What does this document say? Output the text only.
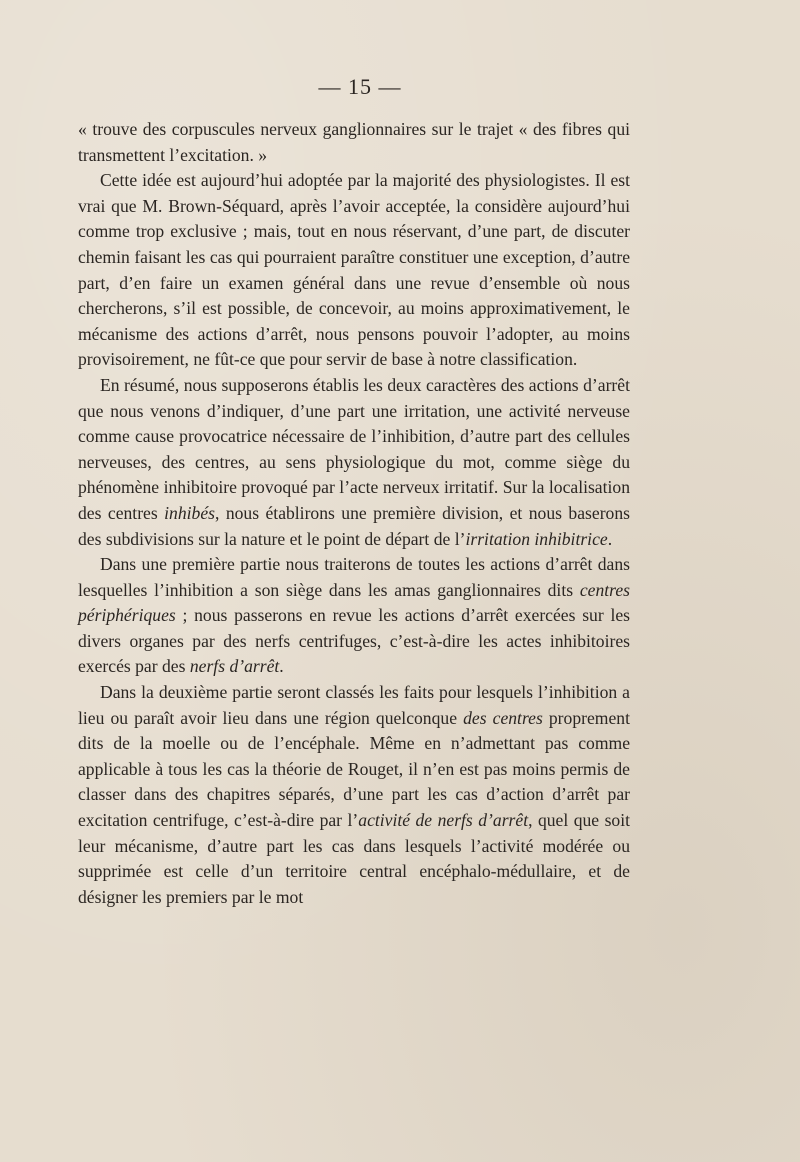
— 15 —

« trouve des corpuscules nerveux ganglionnaires sur le trajet « des fibres qui transmettent l’excitation. »

Cette idée est aujourd’hui adoptée par la majorité des physiologistes. Il est vrai que M. Brown-Séquard, après l’avoir acceptée, la considère aujourd’hui comme trop exclusive ; mais, tout en nous réservant, d’une part, de discuter chemin faisant les cas qui pourraient paraître constituer une exception, d’autre part, d’en faire un examen général dans une revue d’ensemble où nous chercherons, s’il est possible, de concevoir, au moins approximativement, le mécanisme des actions d’arrêt, nous pensons pouvoir l’adopter, au moins provisoirement, ne fût-ce que pour servir de base à notre classification.

En résumé, nous supposerons établis les deux caractères des actions d’arrêt que nous venons d’indiquer, d’une part une irritation, une activité nerveuse comme cause provocatrice nécessaire de l’inhibition, d’autre part des cellules nerveuses, des centres, au sens physiologique du mot, comme siège du phénomène inhibitoire provoqué par l’acte nerveux irritatif. Sur la localisation des centres inhibés, nous établirons une première division, et nous baserons des subdivisions sur la nature et le point de départ de l’irritation inhibitrice.

Dans une première partie nous traiterons de toutes les actions d’arrêt dans lesquelles l’inhibition a son siège dans les amas ganglionnaires dits centres périphériques ; nous passerons en revue les actions d’arrêt exercées sur les divers organes par des nerfs centrifuges, c’est-à-dire les actes inhibitoires exercés par des nerfs d’arrêt.

Dans la deuxième partie seront classés les faits pour lesquels l’inhibition a lieu ou paraît avoir lieu dans une région quelconque des centres proprement dits de la moelle ou de l’encéphale. Même en n’admettant pas comme applicable à tous les cas la théorie de Rouget, il n’en est pas moins permis de classer dans des chapitres séparés, d’une part les cas d’action d’arrêt par excitation centrifuge, c’est-à-dire par l’activité de nerfs d’arrêt, quel que soit leur mécanisme, d’autre part les cas dans lesquels l’activité modérée ou supprimée est celle d’un territoire central encéphalo-médullaire, et de désigner les premiers par le mot
